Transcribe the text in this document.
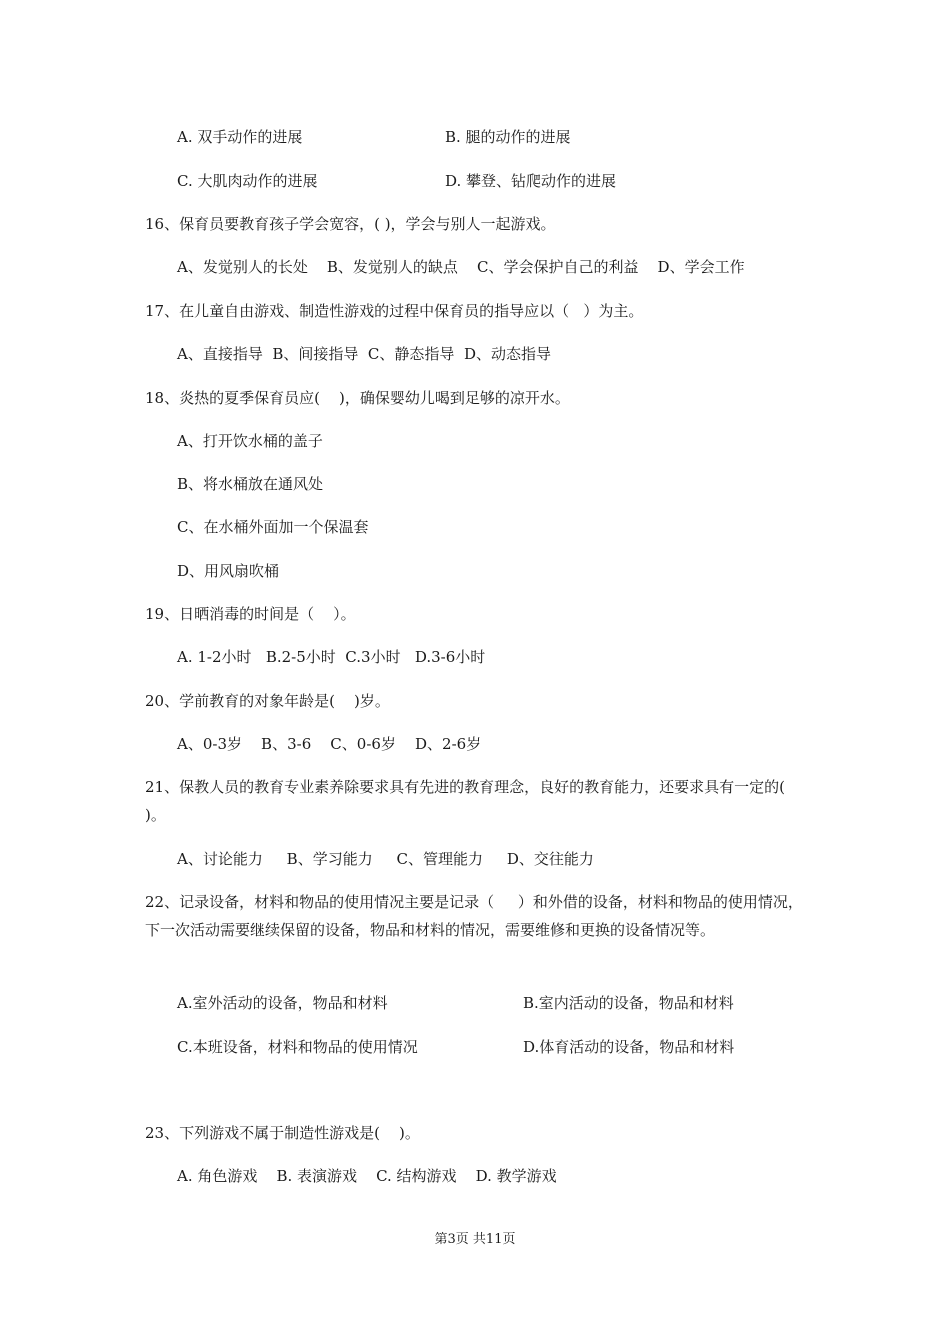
A. 双手动作的进展	B. 腿的动作的进展
C. 大肌肉动作的进展	D. 攀登、钻爬动作的进展
16、保育员要教育孩子学会宽容，( )，学会与别人一起游戏。
A、发觉别人的长处    B、发觉别人的缺点    C、学会保护自己的利益    D、学会工作
17、在儿童自由游戏、制造性游戏的过程中保育员的指导应以（   ）为主。
A、直接指导  B、间接指导  C、静态指导  D、动态指导
18、炎热的夏季保育员应(    )，确保婴幼儿喝到足够的凉开水。
A、打开饮水桶的盖子
B、将水桶放在通风处
C、在水桶外面加一个保温套
D、用风扇吹桶
19、日晒消毒的时间是（    ）。
A. 1-2小时   B.2-5小时  C.3小时   D.3-6小时
20、学前教育的对象年龄是(    )岁。
A、0-3岁    B、3-6    C、0-6岁    D、2-6岁
21、保教人员的教育专业素养除要求具有先进的教育理念，良好的教育能力，还要求具有一定的( )。
A、讨论能力     B、学习能力     C、管理能力     D、交往能力
22、记录设备，材料和物品的使用情况主要是记录（     ）和外借的设备，材料和物品的使用情况，下一次活动需要继续保留的设备，物品和材料的情况，需要维修和更换的设备情况等。
A.室外活动的设备，物品和材料	B.室内活动的设备，物品和材料
C.本班设备，材料和物品的使用情况	D.体育活动的设备，物品和材料
23、下列游戏不属于制造性游戏是(    )。
A. 角色游戏    B. 表演游戏    C. 结构游戏    D. 教学游戏
第3页 共11页
